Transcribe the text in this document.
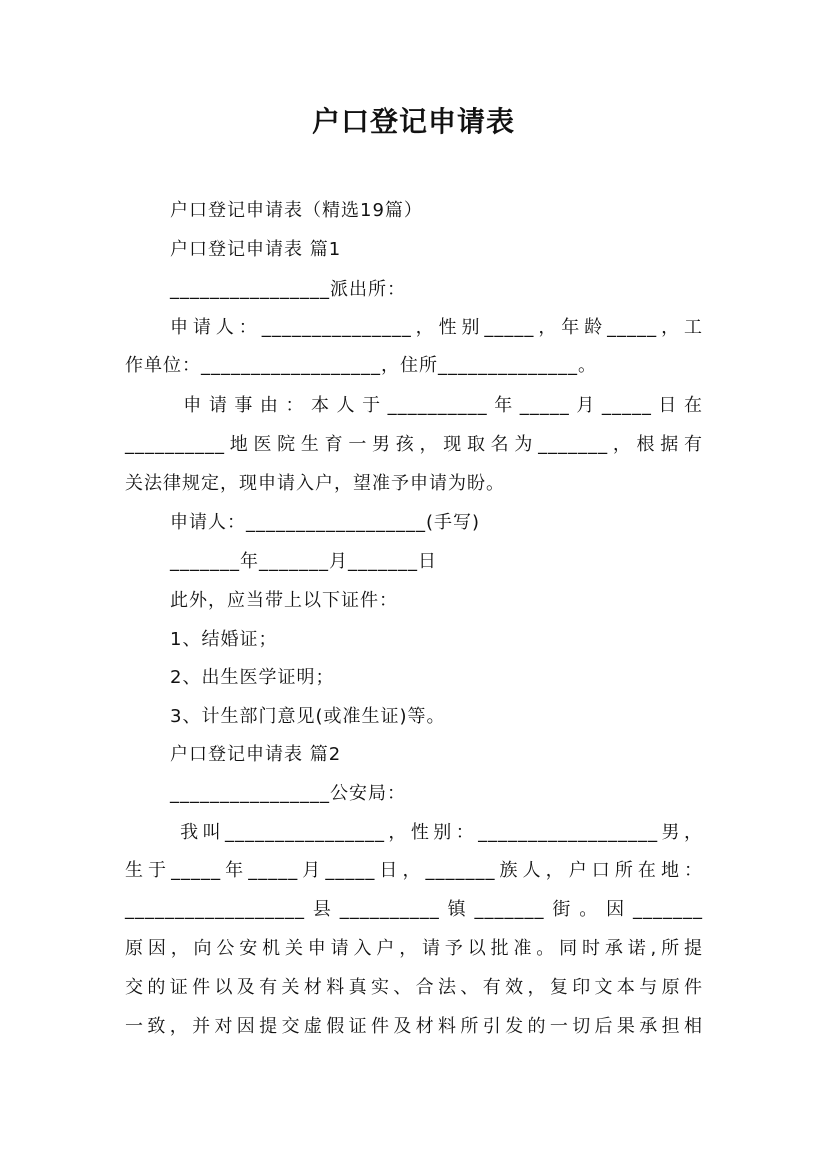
户口登记申请表
户口登记申请表（精选19篇）
户口登记申请表 篇1
________________派出所：
申请人：_______________，性别_____，年龄_____，工
作单位：__________________，住所______________。
申请事由：本人于__________年_____月_____日在
__________地医院生育一男孩，现取名为_______，根据有
关法律规定，现申请入户，望准予申请为盼。
申请人：__________________(手写)
_______年_______月_______日
此外，应当带上以下证件：
1、结婚证；
2、出生医学证明；
3、计生部门意见(或准生证)等。
户口登记申请表 篇2
________________公安局：
我叫________________，性别：__________________男，
生于_____年_____月_____日，_______族人，户口所在地：
__________________县__________镇_______街。因_______
原因，向公安机关申请入户，请予以批准。同时承诺,所提
交的证件以及有关材料真实、合法、有效，复印文本与原件
一致，并对因提交虚假证件及材料所引发的一切后果承担相
